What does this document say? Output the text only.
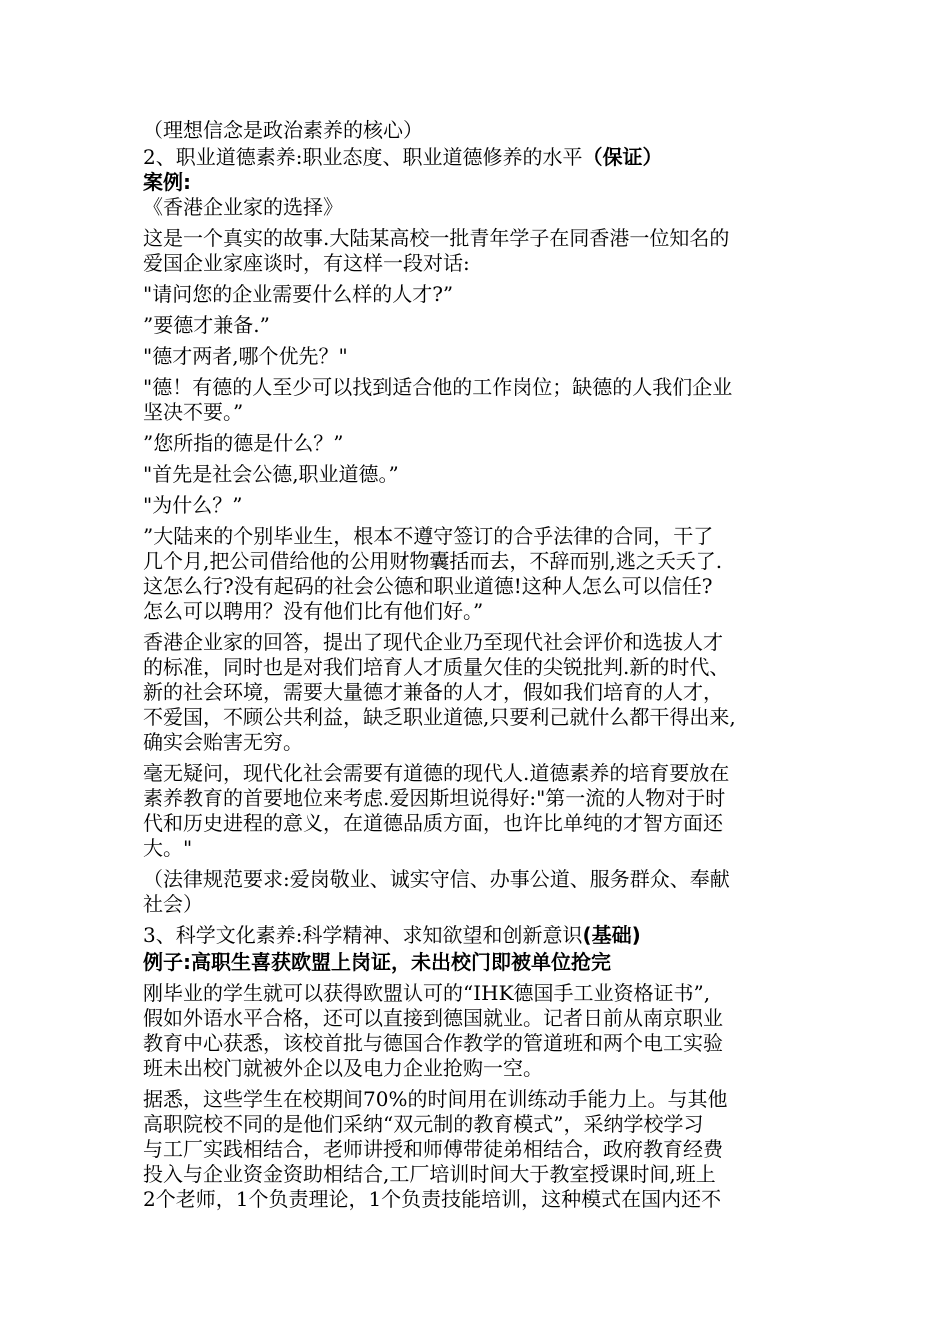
（理想信念是政治素养的核心）
2、职业道德素养:职业态度、职业道德修养的水平（保证）
案例:
《香港企业家的选择》
这是一个真实的故事.大陆某高校一批青年学子在同香港一位知名的
爱国企业家座谈时，有这样一段对话:
"请问您的企业需要什么样的人才?”
”要德才兼备.”
"德才两者,哪个优先？"
"德！有德的人至少可以找到适合他的工作岗位；缺德的人我们企业
坚决不要。”
”您所指的德是什么？”
"首先是社会公德,职业道德。”
"为什么？”
”大陆来的个别毕业生，根本不遵守签订的合乎法律的合同，干了
几个月,把公司借给他的公用财物囊括而去，不辞而别,逃之夭夭了.
这怎么行?没有起码的社会公德和职业道德!这种人怎么可以信任?
怎么可以聘用？没有他们比有他们好。”
香港企业家的回答，提出了现代企业乃至现代社会评价和选拔人才
的标准，同时也是对我们培育人才质量欠佳的尖锐批判.新的时代、
新的社会环境，需要大量德才兼备的人才，假如我们培育的人才，
不爱国，不顾公共利益，缺乏职业道德,只要利己就什么都干得出来,
确实会贻害无穷。
毫无疑问，现代化社会需要有道德的现代人.道德素养的培育要放在
素养教育的首要地位来考虑.爱因斯坦说得好:"第一流的人物对于时
代和历史进程的意义，在道德品质方面，也许比单纯的才智方面还
大。"
（法律规范要求:爱岗敬业、诚实守信、办事公道、服务群众、奉献
社会）
3、科学文化素养:科学精神、求知欲望和创新意识(基础)
例子:高职生喜获欧盟上岗证，未出校门即被单位抢完
刚毕业的学生就可以获得欧盟认可的“IHK德国手工业资格证书”,
假如外语水平合格，还可以直接到德国就业。记者日前从南京职业
教育中心获悉，该校首批与德国合作教学的管道班和两个电工实验
班未出校门就被外企以及电力企业抢购一空。
据悉，这些学生在校期间70%的时间用在训练动手能力上。与其他
高职院校不同的是他们采纳“双元制的教育模式”，采纳学校学习
与工厂实践相结合，老师讲授和师傅带徒弟相结合，政府教育经费
投入与企业资金资助相结合,工厂培训时间大于教室授课时间,班上
2个老师，1个负责理论，1个负责技能培训，这种模式在国内还不
